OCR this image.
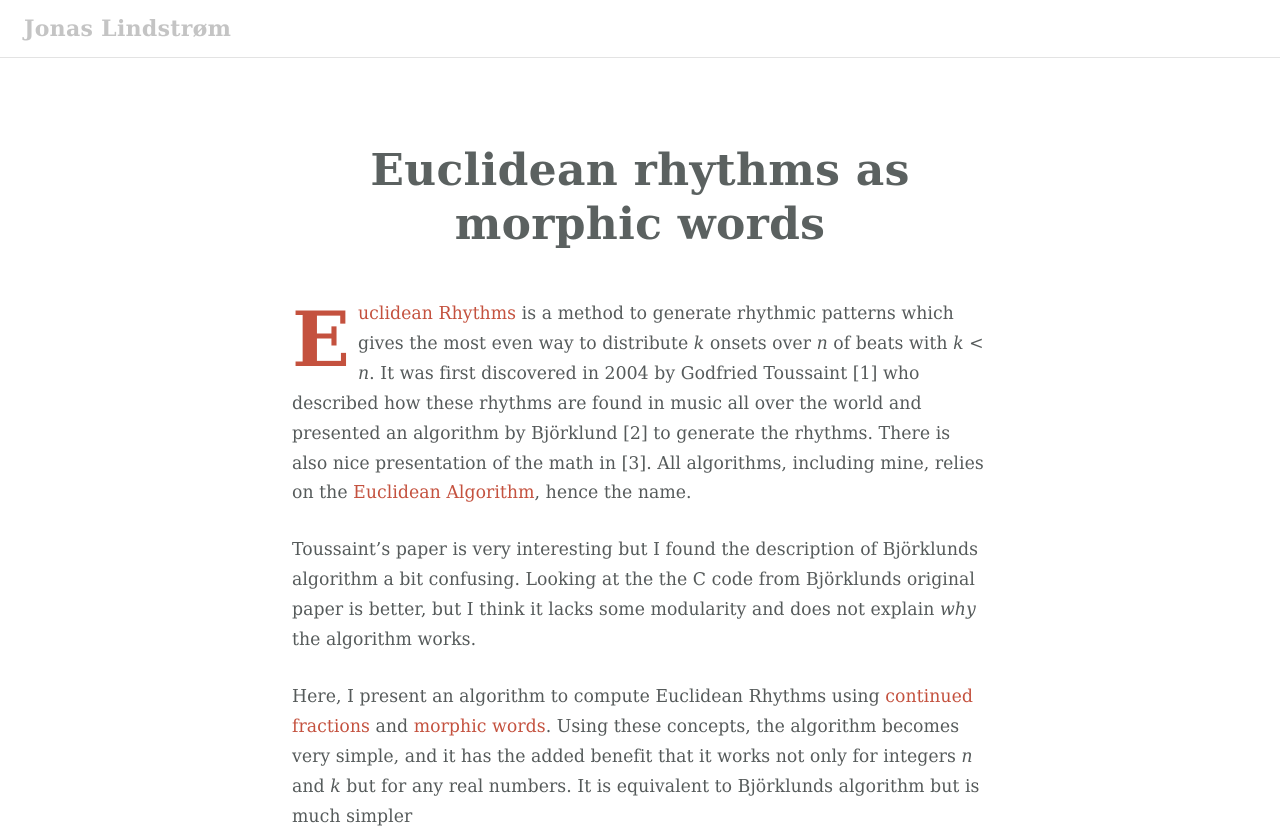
Jonas Lindstrøm
Euclidean rhythms as morphic words

Euclidean Rhythms is a method to generate rhythmic patterns which gives the most even way to distribute k onsets over n of beats with k < n. It was first discovered in 2004 by Godfried Toussaint [1] who described how these rhythms are found in music all over the world and presented an algorithm by Björklund [2] to generate the rhythms. There is also nice presentation of the math in [3]. All algorithms, including mine, relies on the Euclidean Algorithm, hence the name.

Toussaint’s paper is very interesting but I found the description of Björklunds algorithm a bit confusing. Looking at the the C code from Björklunds original paper is better, but I think it lacks some modularity and does not explain why the algorithm works.

Here, I present an algorithm to compute Euclidean Rhythms using continued fractions and morphic words. Using these concepts, the algorithm becomes very simple, and it has the added benefit that it works not only for integers n and k but for any real numbers. It is equivalent to Björklunds algorithm but is much simpler
